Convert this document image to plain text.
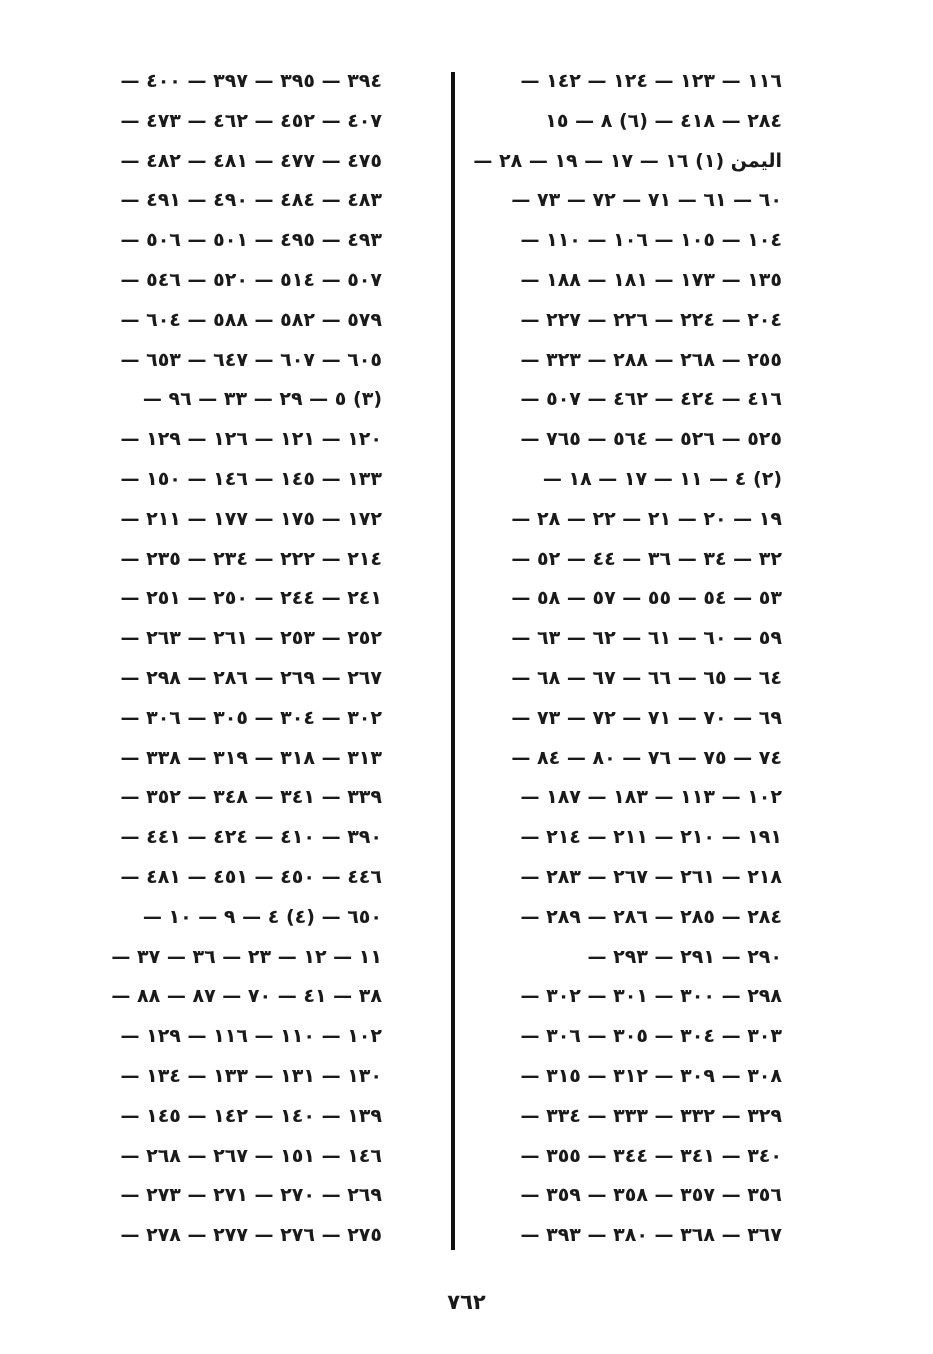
١١٦ — ١٢٣ — ١٢٤ — ١٤٢ —
٢٨٤ — ٤١٨ — (٦) ٨ — ١٥
اليمن (١) ١٦ — ١٧ — ١٩ — ٢٨ —
٦٠ — ٦١ — ٧١ — ٧٢ — ٧٣ —
١٠٤ — ١٠٥ — ١٠٦ — ١١٠ —
١٣٥ — ١٧٣ — ١٨١ — ١٨٨ —
٢٠٤ — ٢٢٤ — ٢٢٦ — ٢٢٧ —
٢٥٥ — ٢٦٨ — ٢٨٨ — ٣٢٣ —
٤١٦ — ٤٢٤ — ٤٦٢ — ٥٠٧ —
٥٢٥ — ٥٢٦ — ٥٦٤ — ٧٦٥ —
(٢) ٤ — ١١ — ١٧ — ١٨ —
١٩ — ٢٠ — ٢١ — ٢٢ — ٢٨ —
٣٢ — ٣٤ — ٣٦ — ٤٤ — ٥٢ —
٥٣ — ٥٤ — ٥٥ — ٥٧ — ٥٨ —
٥٩ — ٦٠ — ٦١ — ٦٢ — ٦٣ —
٦٤ — ٦٥ — ٦٦ — ٦٧ — ٦٨ —
٦٩ — ٧٠ — ٧١ — ٧٢ — ٧٣ —
٧٤ — ٧٥ — ٧٦ — ٨٠ — ٨٤ —
١٠٢ — ١١٣ — ١٨٣ — ١٨٧ —
١٩١ — ٢١٠ — ٢١١ — ٢١٤ —
٢١٨ — ٢٦١ — ٢٦٧ — ٢٨٣ —
٢٨٤ — ٢٨٥ — ٢٨٦ — ٢٨٩ —
٢٩٠ — ٢٩١ — ٢٩٣ —
٢٩٨ — ٣٠٠ — ٣٠١ — ٣٠٢ —
٣٠٣ — ٣٠٤ — ٣٠٥ — ٣٠٦ —
٣٠٨ — ٣٠٩ — ٣١٢ — ٣١٥ —
٣٢٩ — ٣٣٢ — ٣٣٣ — ٣٣٤ —
٣٤٠ — ٣٤١ — ٣٤٤ — ٣٥٥ —
٣٥٦ — ٣٥٧ — ٣٥٨ — ٣٥٩ —
٣٦٧ — ٣٦٨ — ٣٨٠ — ٣٩٣ —
٣٩٤ — ٣٩٥ — ٣٩٧ — ٤٠٠ —
٤٠٧ — ٤٥٢ — ٤٦٢ — ٤٧٣ —
٤٧٥ — ٤٧٧ — ٤٨١ — ٤٨٢ —
٤٨٣ — ٤٨٤ — ٤٩٠ — ٤٩١ —
٤٩٣ — ٤٩٥ — ٥٠١ — ٥٠٦ —
٥٠٧ — ٥١٤ — ٥٢٠ — ٥٤٦ —
٥٧٩ — ٥٨٢ — ٥٨٨ — ٦٠٤ —
٦٠٥ — ٦٠٧ — ٦٤٧ — ٦٥٣ —
(٣) ٥ — ٢٩ — ٣٣ — ٩٦ —
١٢٠ — ١٢١ — ١٢٦ — ١٢٩ —
١٣٣ — ١٤٥ — ١٤٦ — ١٥٠ —
١٧٢ — ١٧٥ — ١٧٧ — ٢١١ —
٢١٤ — ٢٢٢ — ٢٣٤ — ٢٣٥ —
٢٤١ — ٢٤٤ — ٢٥٠ — ٢٥١ —
٢٥٢ — ٢٥٣ — ٢٦١ — ٢٦٣ —
٢٦٧ — ٢٦٩ — ٢٨٦ — ٢٩٨ —
٣٠٢ — ٣٠٤ — ٣٠٥ — ٣٠٦ —
٣١٣ — ٣١٨ — ٣١٩ — ٣٣٨ —
٣٣٩ — ٣٤١ — ٣٤٨ — ٣٥٢ —
٣٩٠ — ٤١٠ — ٤٢٤ — ٤٤١ —
٤٤٦ — ٤٥٠ — ٤٥١ — ٤٨١ —
٦٥٠ — (٤) ٤ — ٩ — ١٠ —
١١ — ١٢ — ٢٣ — ٣٦ — ٣٧ —
٣٨ — ٤١ — ٧٠ — ٨٧ — ٨٨ —
١٠٢ — ١١٠ — ١١٦ — ١٢٩ —
١٣٠ — ١٣١ — ١٣٣ — ١٣٤ —
١٣٩ — ١٤٠ — ١٤٢ — ١٤٥ —
١٤٦ — ١٥١ — ٢٦٧ — ٢٦٨ —
٢٦٩ — ٢٧٠ — ٢٧١ — ٢٧٣ —
٢٧٥ — ٢٧٦ — ٢٧٧ — ٢٧٨ —
٧٦٢
